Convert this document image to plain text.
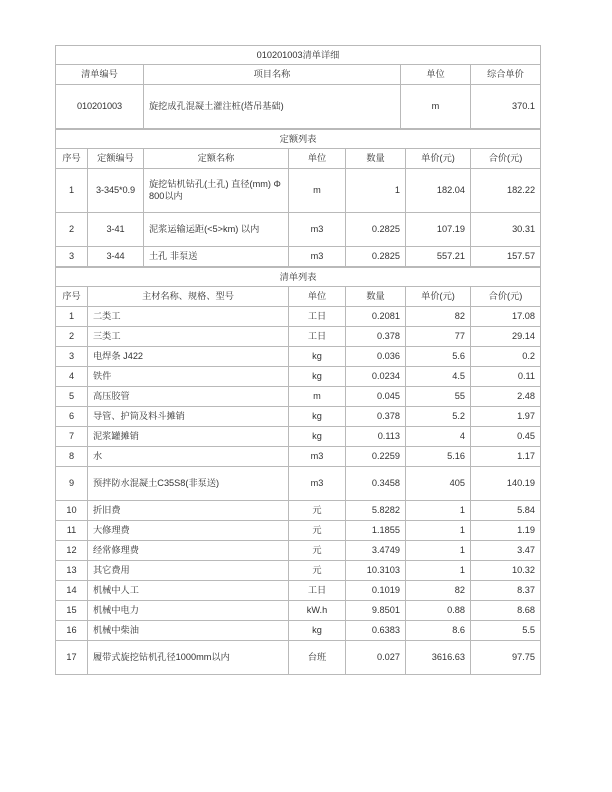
010201003清单详细			
清单编号	项目名称	单位	综合单价
010201003	旋挖成孔混凝土灌注桩(塔吊基础)	m	370.1
定额列表						
序号	定额编号	定额名称	单位	数量	单价(元)	合价(元)
1	3-345*0.9	旋挖钻机钻孔(土孔) 直径(mm) Φ800以内	m	1	182.04	182.22
2	3-41	泥浆运输运距(<5>km) 以内	m3	0.2825	107.19	30.31
3	3-44	土孔 非泵送	m3	0.2825	557.21	157.57
清单列表					
序号	主材名称、规格、型号	单位	数量	单价(元)	合价(元)
1	二类工	工日	0.2081	82	17.08
2	三类工	工日	0.378	77	29.14
3	电焊条 J422	kg	0.036	5.6	0.2
4	铁件	kg	0.0234	4.5	0.11
5	高压胶管	m	0.045	55	2.48
6	导管、护筒及料斗摊销	kg	0.378	5.2	1.97
7	泥浆罐摊销	kg	0.113	4	0.45
8	水	m3	0.2259	5.16	1.17
9	预拌防水混凝土C35S8(非泵送)	m3	0.3458	405	140.19
10	折旧费	元	5.8282	1	5.84
11	大修理费	元	1.1855	1	1.19
12	经常修理费	元	3.4749	1	3.47
13	其它费用	元	10.3103	1	10.32
14	机械中人工	工日	0.1019	82	8.37
15	机械中电力	kW.h	9.8501	0.88	8.68
16	机械中柴油	kg	0.6383	8.6	5.5
17	履带式旋挖钻机孔径1000mm以内	台班	0.027	3616.63	97.75
